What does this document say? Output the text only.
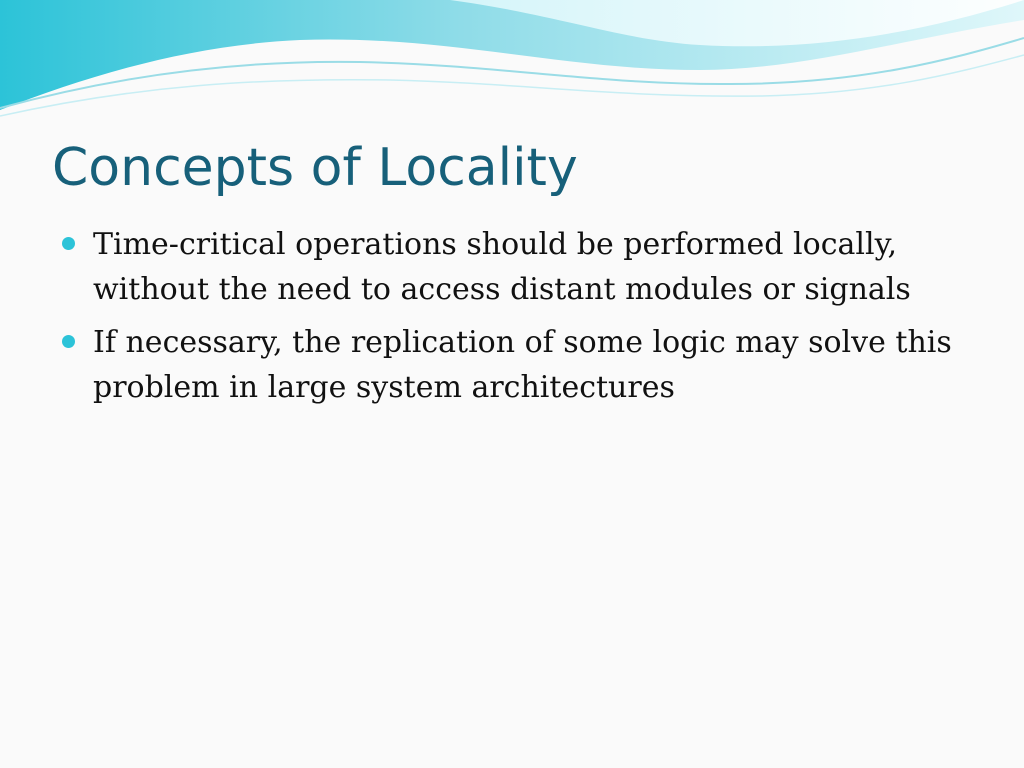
Concepts of Locality
Time-critical operations should be performed locally, without the need to access distant modules or signals
If necessary, the replication of some logic may solve this problem in large system architectures
